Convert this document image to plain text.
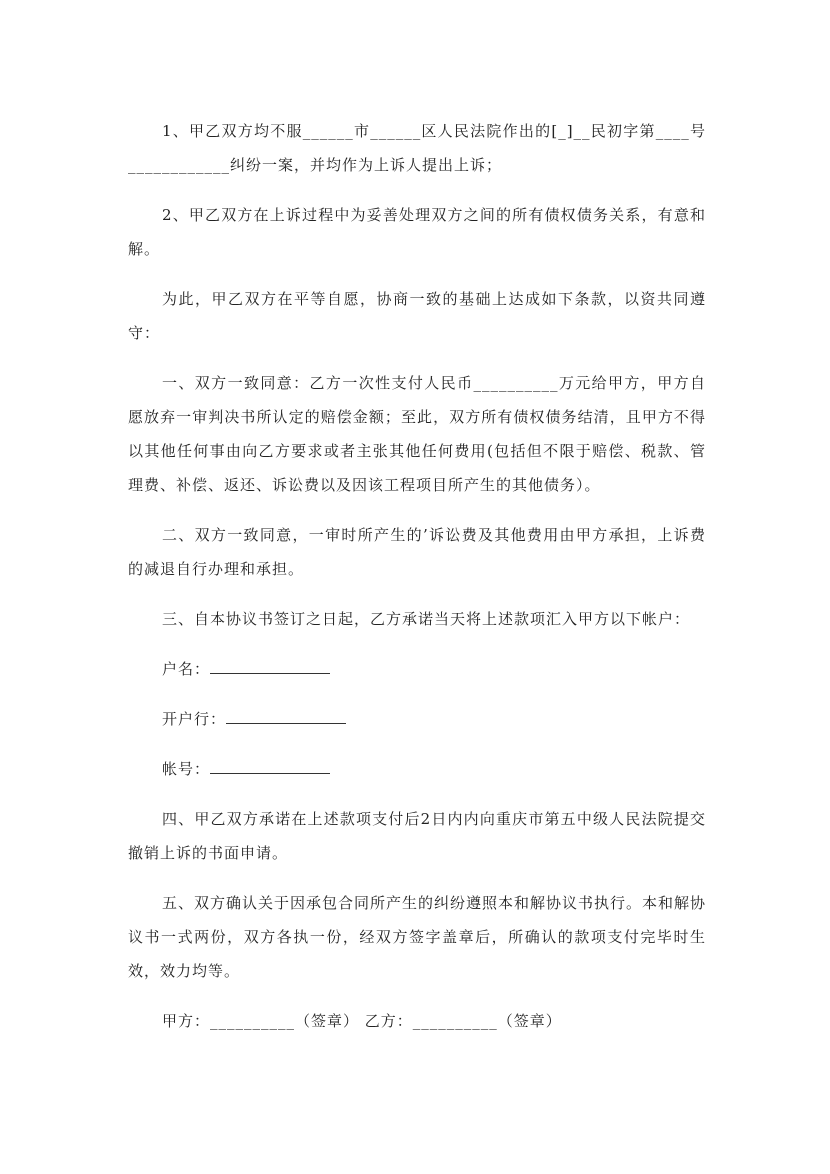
1、甲乙双方均不服______市______区人民法院作出的[_]__民初字第____号____________纠纷一案，并均作为上诉人提出上诉；

2、甲乙双方在上诉过程中为妥善处理双方之间的所有债权债务关系，有意和解。

为此，甲乙双方在平等自愿，协商一致的基础上达成如下条款，以资共同遵守：

一、双方一致同意：乙方一次性支付人民币__________万元给甲方，甲方自愿放弃一审判决书所认定的赔偿金额；至此，双方所有债权债务结清，且甲方不得以其他任何事由向乙方要求或者主张其他任何费用(包括但不限于赔偿、税款、管理费、补偿、返还、诉讼费以及因该工程项目所产生的其他债务）。

二、双方一致同意，一审时所产生的’诉讼费及其他费用由甲方承担，上诉费的减退自行办理和承担。

三、自本协议书签订之日起，乙方承诺当天将上述款项汇入甲方以下帐户：

户名：
开户行：
帐号：

四、甲乙双方承诺在上述款项支付后2日内内向重庆市第五中级人民法院提交撤销上诉的书面申请。

五、双方确认关于因承包合同所产生的纠纷遵照本和解协议书执行。本和解协议书一式两份，双方各执一份，经双方签字盖章后，所确认的款项支付完毕时生效，效力均等。

甲方：__________（签章） 乙方：__________（签章）
